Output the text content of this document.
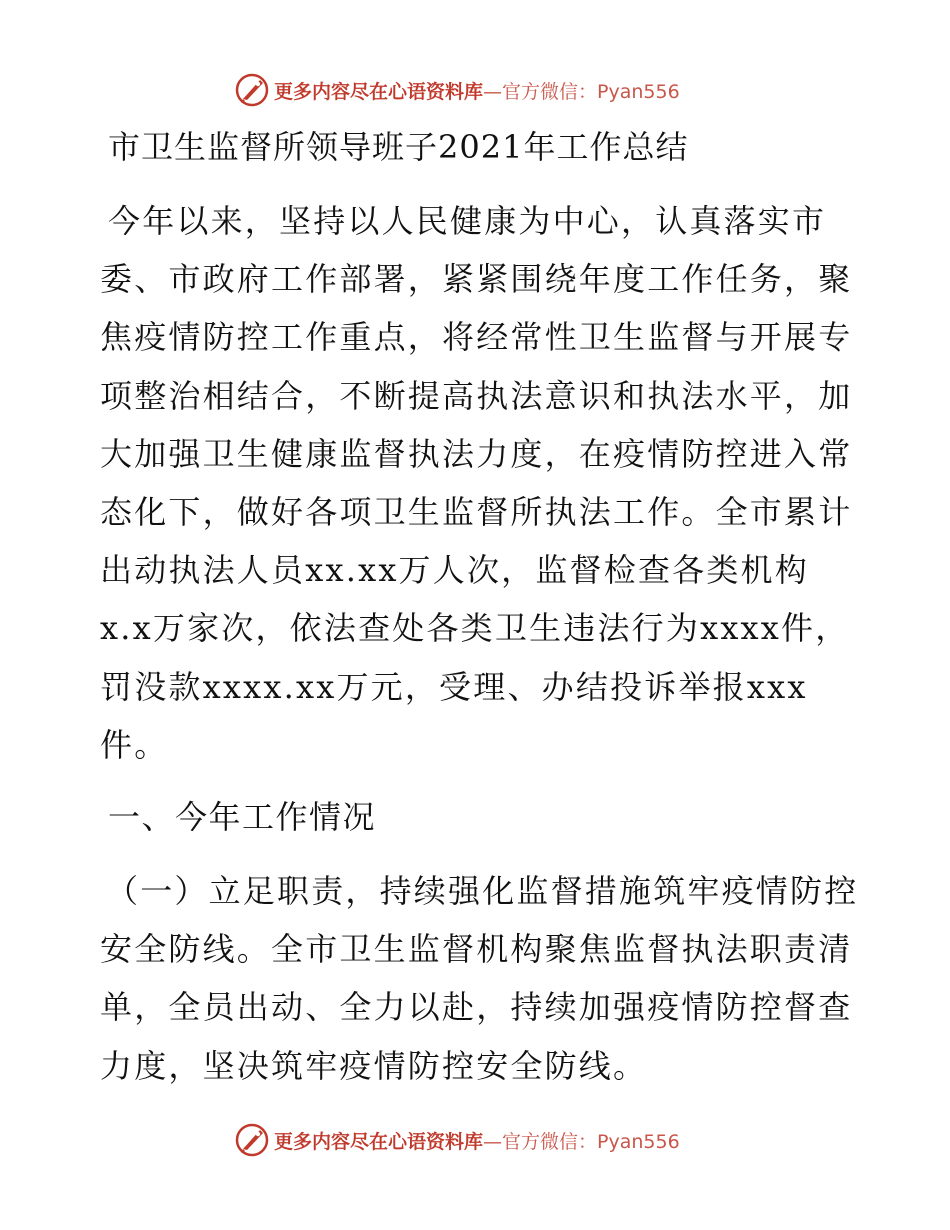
更多内容尽在心语资料库—官方微信：Pyan556
市卫生监督所领导班子2021年工作总结

今年以来，坚持以人民健康为中心，认真落实市委、市政府工作部署，紧紧围绕年度工作任务，聚焦疫情防控工作重点，将经常性卫生监督与开展专项整治相结合，不断提高执法意识和执法水平，加大加强卫生健康监督执法力度，在疫情防控进入常态化下，做好各项卫生监督所执法工作。全市累计出动执法人员xx.xx万人次，监督检查各类机构x.x万家次，依法查处各类卫生违法行为xxxx件，罚没款xxxx.xx万元，受理、办结投诉举报xxx件。

一、今年工作情况

（一）立足职责，持续强化监督措施筑牢疫情防控安全防线。全市卫生监督机构聚焦监督执法职责清单，全员出动、全力以赴，持续加强疫情防控督查力度，坚决筑牢疫情防控安全防线。

更多内容尽在心语资料库—官方微信：Pyan556
